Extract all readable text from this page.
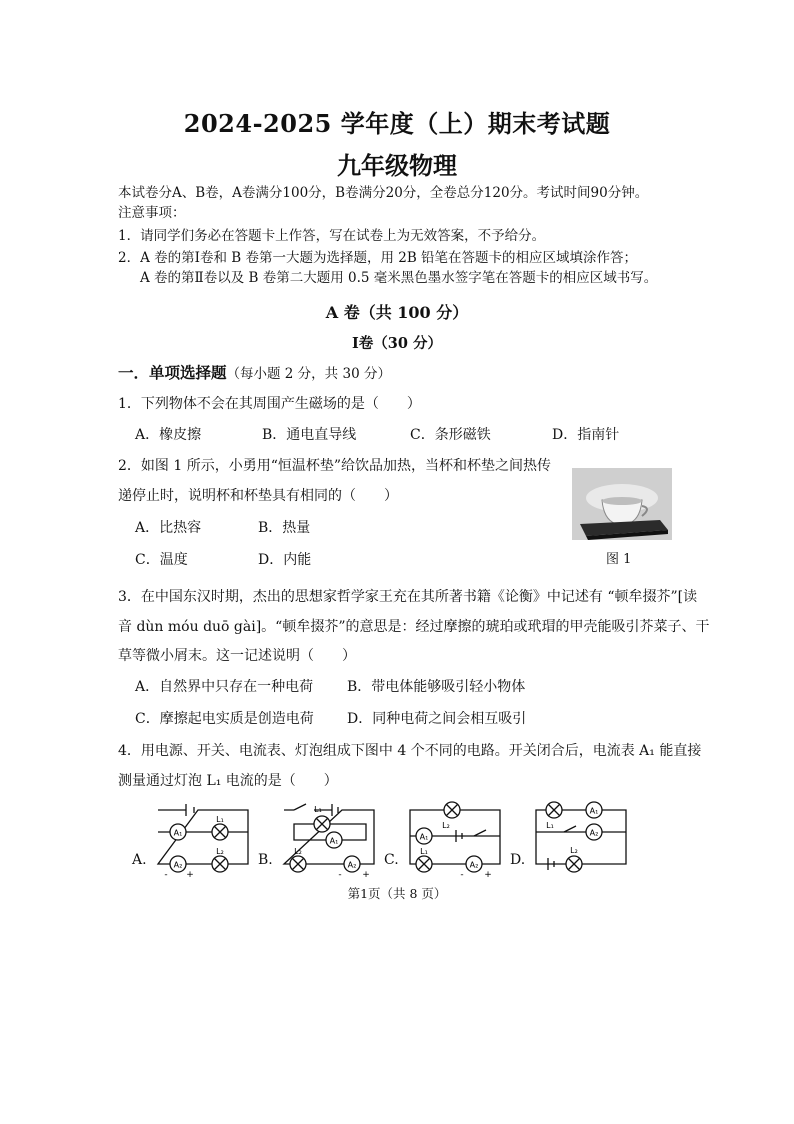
2024-2025 学年度（上）期末考试题
九年级物理
本试卷分A、B卷，A卷满分100分，B卷满分20分，全卷总分120分。考试时间90分钟。
注意事项：
1．请同学们务必在答题卡上作答，写在试卷上为无效答案，不予给分。
2．A 卷的第Ⅰ卷和 B 卷第一大题为选择题，用 2B 铅笔在答题卡的相应区域填涂作答；
A 卷的第Ⅱ卷以及 B 卷第二大题用 0.5 毫米黑色墨水签字笔在答题卡的相应区域书写。
A 卷（共 100 分）
Ⅰ卷（30 分）
一．单项选择题（每小题 2 分，共 30 分）
1．下列物体不会在其周围产生磁场的是（　　）
A．橡皮擦	B．通电直导线	C．条形磁铁	D．指南针
2．如图 1 所示，小勇用“恒温杯垫”给饮品加热，当杯和杯垫之间热传
递停止时，说明杯和杯垫具有相同的（　　）
A．比热容	B．热量
C．温度	D．内能	图 1
3．在中国东汉时期，杰出的思想家哲学家王充在其所著书籍《论衡》中记述有 “顿牟掇芥”[读
音 dùn móu duō gài]。“顿牟掇芥”的意思是：经过摩擦的琥珀或玳瑁的甲壳能吸引芥菜子、干
草等微小屑末。这一记述说明（　　）
A．自然界中只存在一种电荷 B．带电体能够吸引轻小物体
C．摩擦起电实质是创造电荷 D．同种电荷之间会相互吸引
4．用电源、开关、电流表、灯泡组成下图中 4 个不同的电路。开关闭合后，电流表 A₁ 能直接
测量通过灯泡 L₁ 电流的是（　　）
A.	B.	C.	D.
A₁
L₁
A₂
L₂
- +
L₁
A₁
L₂
A₂
- +
A₁
L₂
L₁
A₂
- +
A₁
L₁
A₂
L₂
第1页（共 8 页）
